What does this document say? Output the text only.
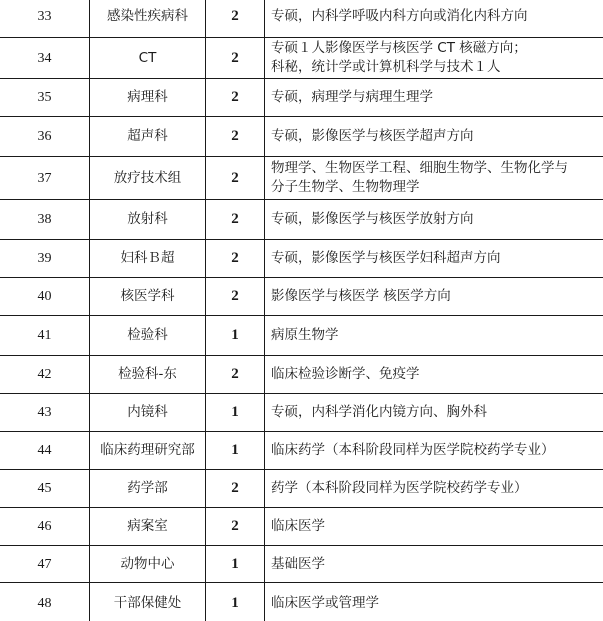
33	感染性疾病科	2	专硕，内科学呼吸内科方向或消化内科方向

34	CT	2	专硕１人影像医学与核医学 CT 核磁方向；
科秘，统计学或计算机科学与技术１人

35	病理科	2	专硕，病理学与病理生理学

36	超声科	2	专硕，影像医学与核医学超声方向

37	放疗技术组	2	物理学、生物医学工程、细胞生物学、生物化学与
分子生物学、生物物理学

38	放射科	2	专硕，影像医学与核医学放射方向

39	妇科Ｂ超	2	专硕，影像医学与核医学妇科超声方向

40	核医学科	2	影像医学与核医学 核医学方向

41	检验科	1	病原生物学

42	检验科-东	2	临床检验诊断学、免疫学

43	内镜科	1	专硕，内科学消化内镜方向、胸外科

44	临床药理研究部	1	临床药学（本科阶段同样为医学院校药学专业）

45	药学部	2	药学（本科阶段同样为医学院校药学专业）

46	病案室	2	临床医学

47	动物中心	1	基础医学

48	干部保健处	1	临床医学或管理学
